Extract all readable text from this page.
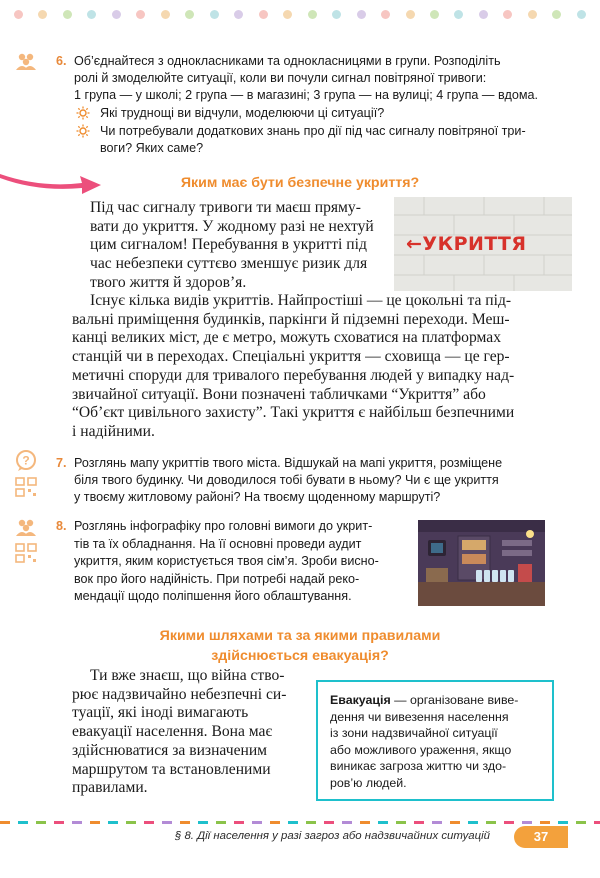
?
6. Об’єднайтеся з однокласниками та однокласницями в групи. Розподіліть
ролі й змоделюйте ситуації, коли ви почули сигнал повітряної тривоги:
1 група — у школі; 2 група — в магазині; 3 група — на вулиці; 4 група — вдома.
Які труднощі ви відчули, моделюючи ці ситуації?
Чи потребували додаткових знань про дії під час сигналу повітряної три-
воги? Яких саме?
Яким має бути безпечне укриття?
Під час сигналу тривоги ти маєш пряму-
вати до укриття. У жодному разі не нехтуй
цим сигналом! Перебування в укритті під
час небезпеки суттєво зменшує ризик для
твого життя й здоров’я.
←УКРИТТЯ
Існує кілька видів укриттів. Найпростіші — це цокольні та під-
вальні приміщення будинків, паркінги й підземні переходи. Меш-
канці великих міст, де є метро, можуть сховатися на платформах
станцій чи в переходах. Спеціальні укриття — сховища — це гер-
метичні споруди для тривалого перебування людей у випадку над-
звичайної ситуації. Вони позначені табличками “Укриття” або
“Об’єкт цивільного захисту”. Такі укриття є найбільш безпечними
і надійними.
7. Розглянь мапу укриттів твого міста. Відшукай на мапі укриття, розміщене
біля твого будинку. Чи доводилося тобі бувати в ньому? Чи є ще укриття
у твоєму житловому районі? На твоєму щоденному маршруті?
8. Розглянь інфографіку про головні вимоги до укрит-
тів та їх обладнання. На її основні проведи аудит
укриття, яким користується твоя сім’я. Зроби висно-
вок про його надійність. При потребі надай реко-
мендації щодо поліпшення його облаштування.
Якими шляхами та за якими правилами
здійснюється евакуація?
Ти вже знаєш, що війна ство-
рює надзвичайно небезпечні си-
туації, які іноді вимагають
евакуації населення. Вона має
здійснюватися за визначеним
маршрутом та встановленими
правилами.
Евакуація — організоване виве-
дення чи вивезення населення
із зони надзвичайної ситуації
або можливого ураження, якщо
виникає загроза життю чи здо-
ров’ю людей.
§ 8. Дії населення у разі загроз або надзвичайних ситуацій	37
